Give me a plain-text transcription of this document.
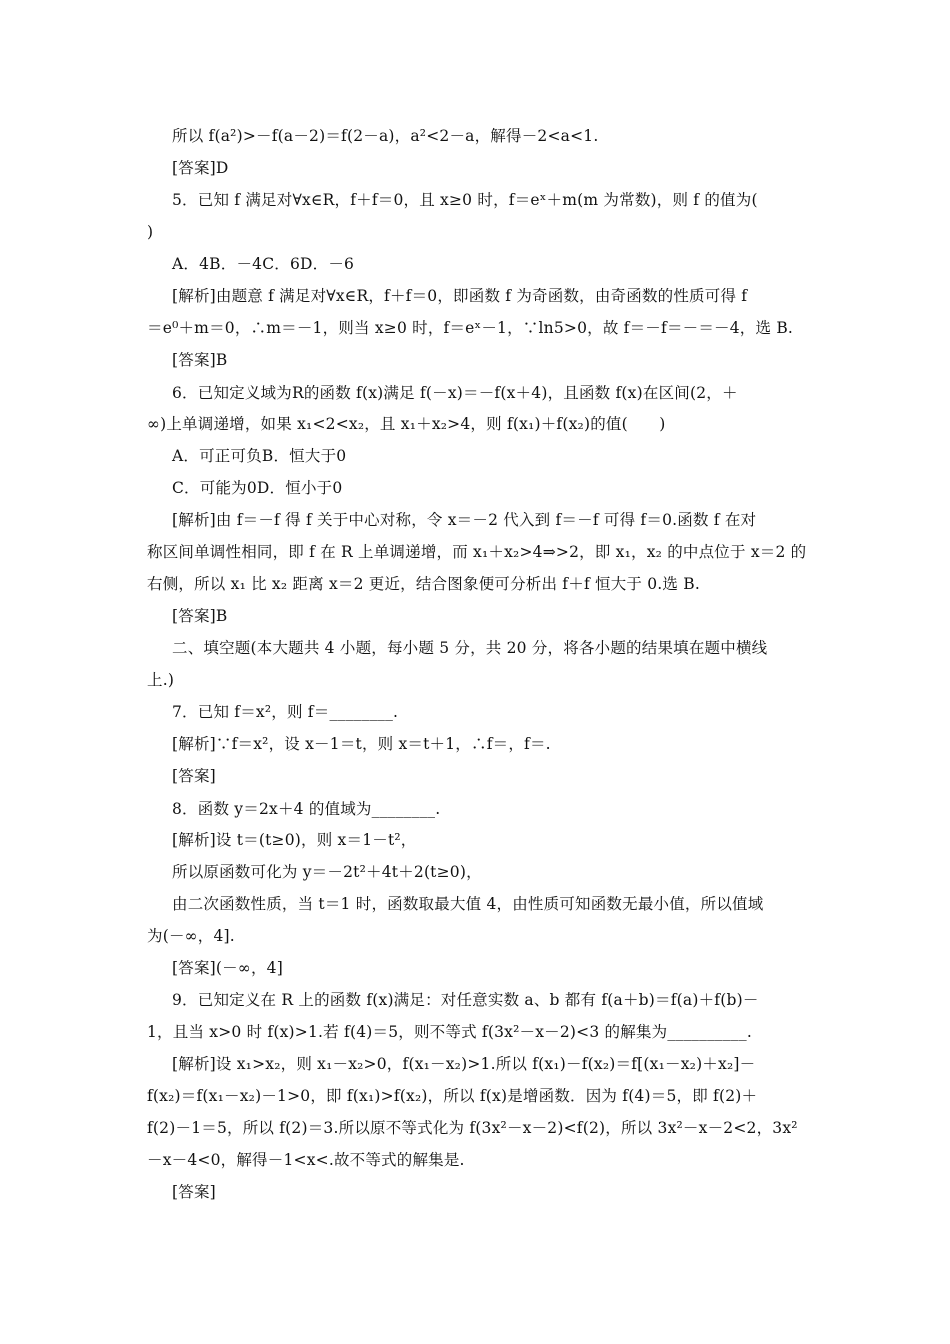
所以 f(a²)>－f(a－2)＝f(2－a)，a²<2－a，解得－2<a<1.
[答案]D
5．已知 f 满足对∀x∈R，f＋f＝0，且 x≥0 时，f＝eˣ＋m(m 为常数)，则 f 的值为(
)
A．4B．－4C．6D．－6
[解析]由题意 f 满足对∀x∈R，f＋f＝0，即函数 f 为奇函数，由奇函数的性质可得 f
＝e⁰＋m＝0，∴m＝－1，则当 x≥0 时，f＝eˣ－1，∵ln5>0，故 f＝－f＝－＝－4，选 B.
[答案]B
6．已知定义域为R的函数 f(x)满足 f(－x)＝－f(x＋4)，且函数 f(x)在区间(2，＋
∞)上单调递增，如果 x₁<2<x₂，且 x₁＋x₂>4，则 f(x₁)＋f(x₂)的值(　　)
A．可正可负B．恒大于0
C．可能为0D．恒小于0
[解析]由 f＝－f 得 f 关于中心对称，令 x＝－2 代入到 f＝－f 可得 f＝0.函数 f 在对
称区间单调性相同，即 f 在 R 上单调递增，而 x₁＋x₂>4⇒>2，即 x₁，x₂ 的中点位于 x＝2 的
右侧，所以 x₁ 比 x₂ 距离 x＝2 更近，结合图象便可分析出 f＋f 恒大于 0.选 B.
[答案]B
二、填空题(本大题共 4 小题，每小题 5 分，共 20 分，将各小题的结果填在题中横线
上.)
7．已知 f＝x²，则 f＝________.
[解析]∵f＝x²，设 x－1＝t，则 x＝t＋1，∴f＝，f＝.
[答案]
8．函数 y＝2x＋4 的值域为________.
[解析]设 t＝(t≥0)，则 x＝1－t²，
所以原函数可化为 y＝－2t²＋4t＋2(t≥0)，
由二次函数性质，当 t＝1 时，函数取最大值 4，由性质可知函数无最小值，所以值域
为(－∞，4].
[答案](－∞，4]
9．已知定义在 R 上的函数 f(x)满足：对任意实数 a、b 都有 f(a＋b)＝f(a)＋f(b)－
1，且当 x>0 时 f(x)>1.若 f(4)＝5，则不等式 f(3x²－x－2)<3 的解集为__________.
[解析]设 x₁>x₂，则 x₁－x₂>0，f(x₁－x₂)>1.所以 f(x₁)－f(x₂)＝f[(x₁－x₂)＋x₂]－
f(x₂)＝f(x₁－x₂)－1>0，即 f(x₁)>f(x₂)，所以 f(x)是增函数．因为 f(4)＝5，即 f(2)＋
f(2)－1＝5，所以 f(2)＝3.所以原不等式化为 f(3x²－x－2)<f(2)，所以 3x²－x－2<2，3x²
－x－4<0，解得－1<x<.故不等式的解集是.
[答案]
